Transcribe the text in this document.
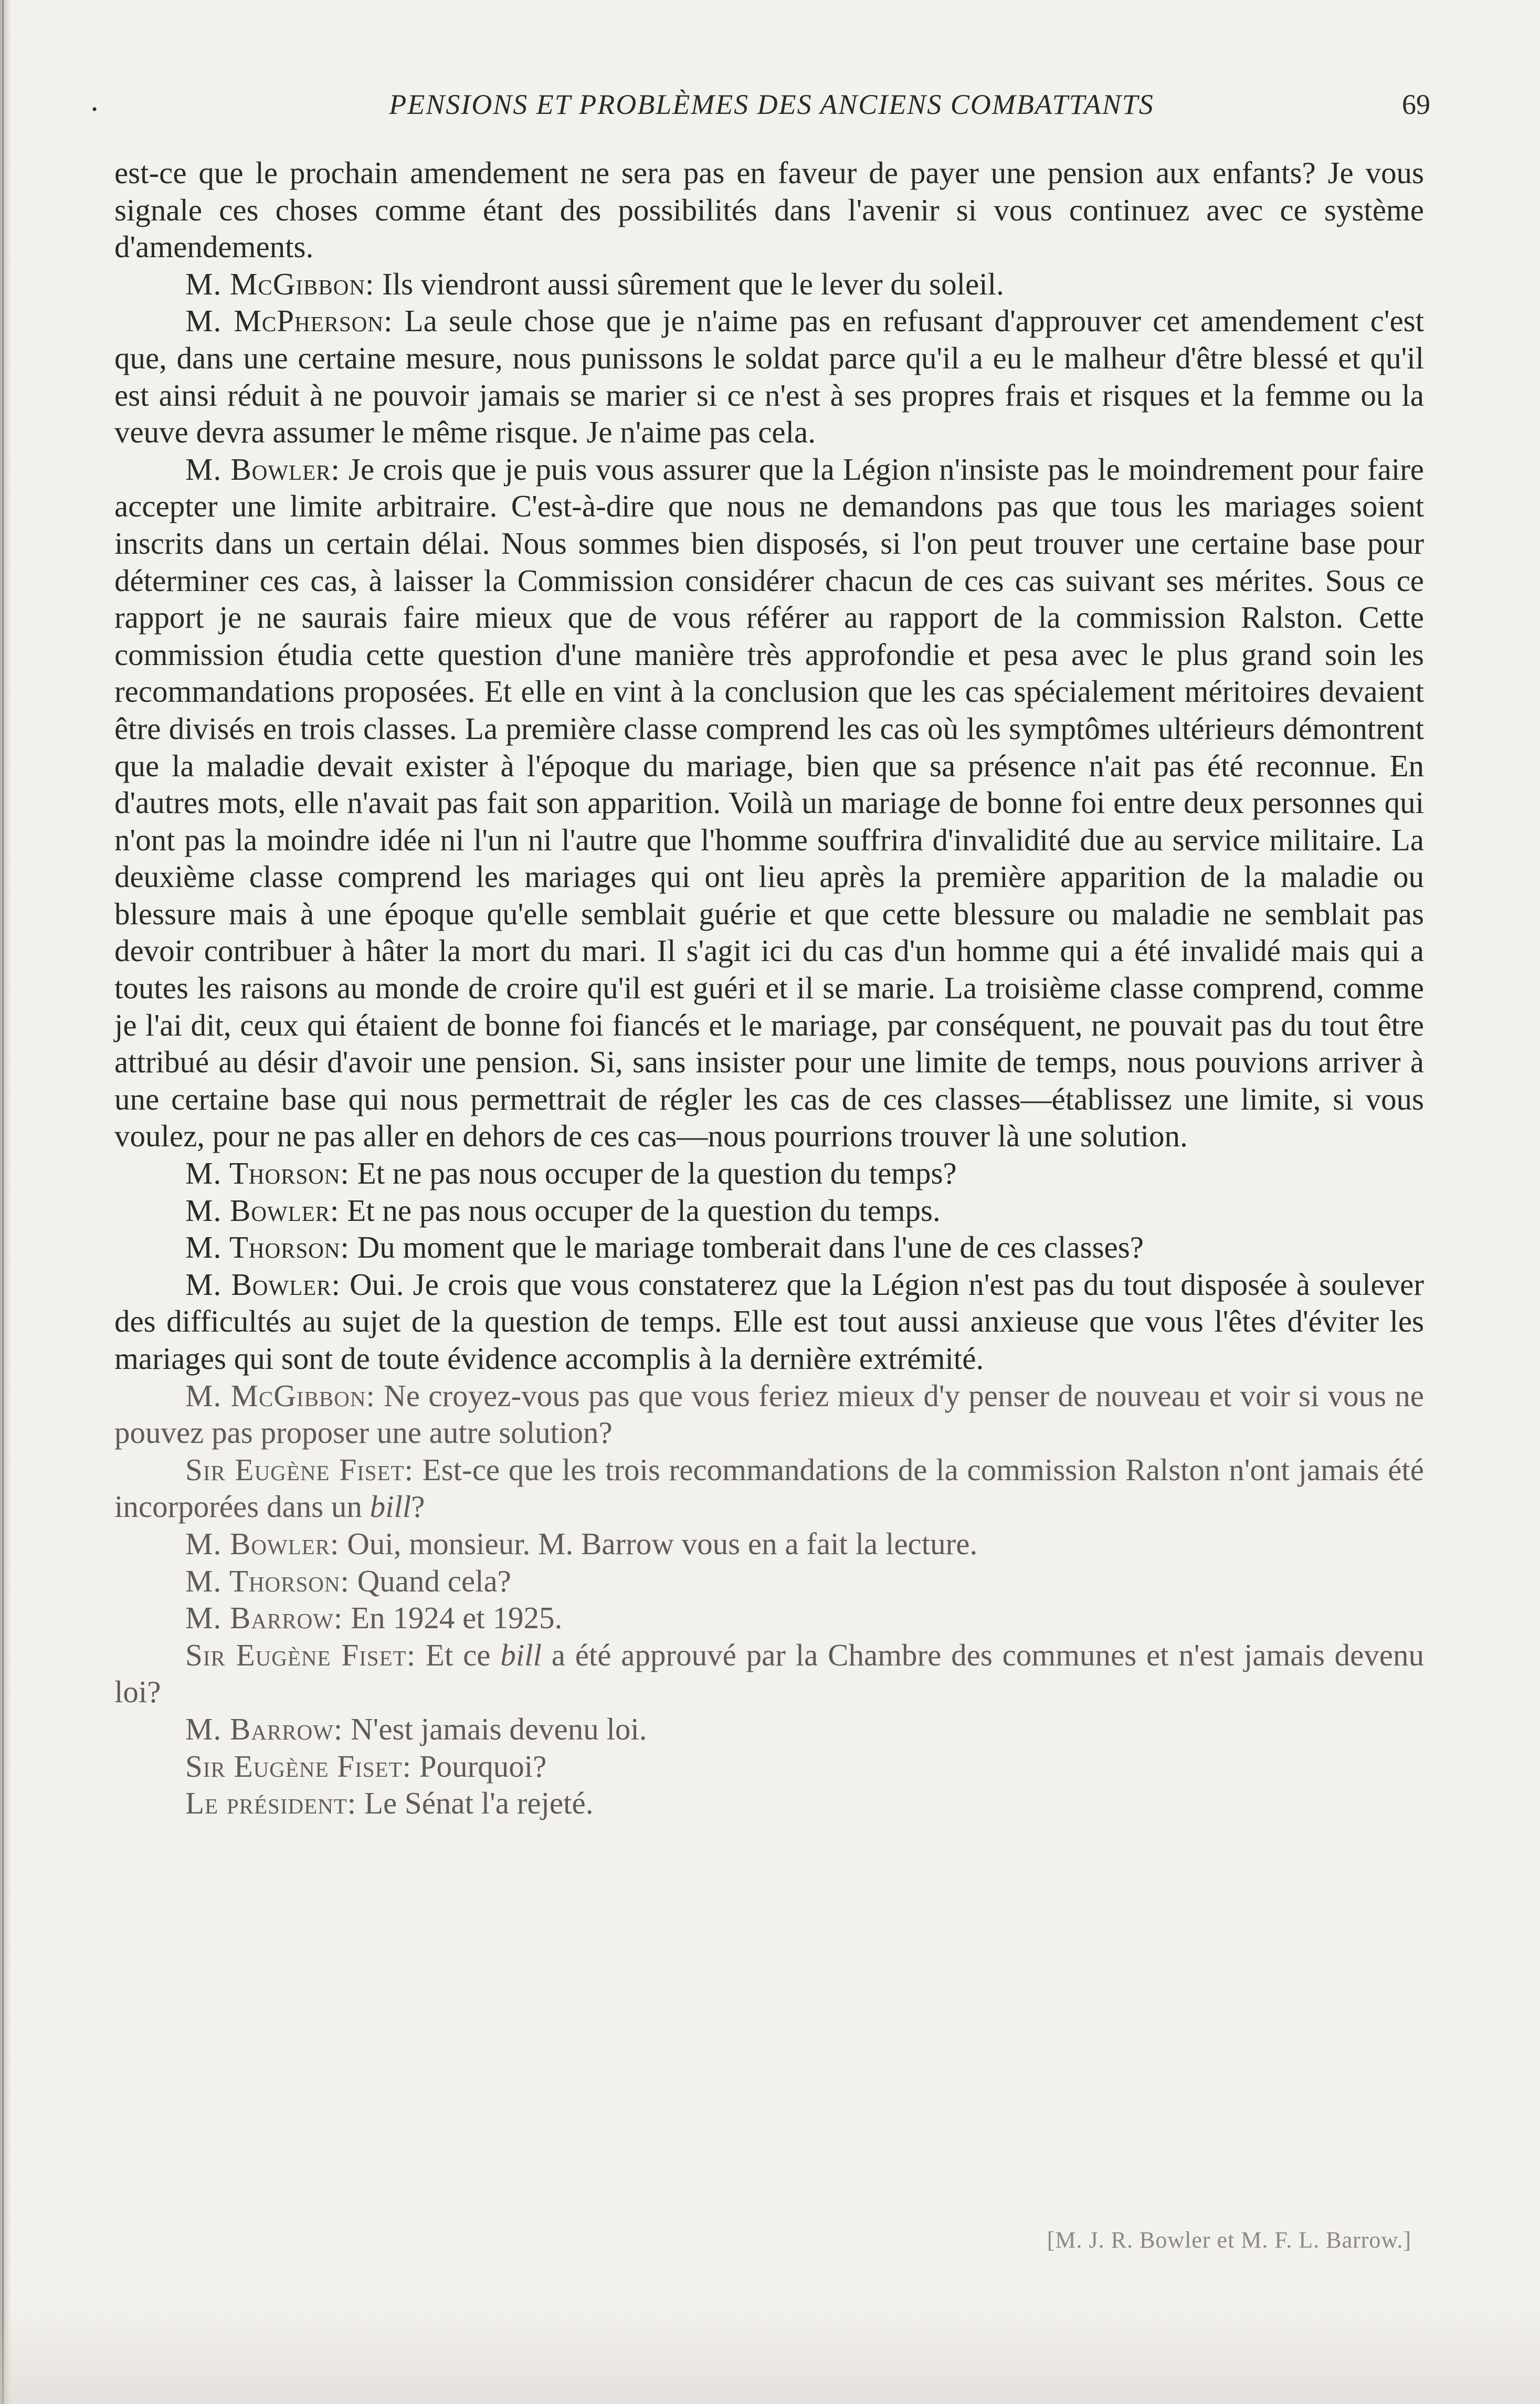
·	PENSIONS ET PROBLÈMES DES ANCIENS COMBATTANTS	69

est-ce que le prochain amendement ne sera pas en faveur de payer une pension aux enfants? Je vous signale ces choses comme étant des possibilités dans l'avenir si vous continuez avec ce système d'amendements.

M. McGibbon: Ils viendront aussi sûrement que le lever du soleil.

M. McPherson: La seule chose que je n'aime pas en refusant d'approuver cet amendement c'est que, dans une certaine mesure, nous punissons le soldat parce qu'il a eu le malheur d'être blessé et qu'il est ainsi réduit à ne pouvoir jamais se marier si ce n'est à ses propres frais et risques et la femme ou la veuve devra assumer le même risque. Je n'aime pas cela.

M. Bowler: Je crois que je puis vous assurer que la Légion n'insiste pas le moindrement pour faire accepter une limite arbitraire. C'est-à-dire que nous ne demandons pas que tous les mariages soient inscrits dans un certain délai. Nous sommes bien disposés, si l'on peut trouver une certaine base pour déterminer ces cas, à laisser la Commission considérer chacun de ces cas suivant ses mérites. Sous ce rapport je ne saurais faire mieux que de vous référer au rapport de la commission Ralston. Cette commission étudia cette question d'une manière très approfondie et pesa avec le plus grand soin les recommandations proposées. Et elle en vint à la conclusion que les cas spécialement méritoires devaient être divisés en trois classes. La première classe comprend les cas où les symptômes ultérieurs démontrent que la maladie devait exister à l'époque du mariage, bien que sa présence n'ait pas été reconnue. En d'autres mots, elle n'avait pas fait son apparition. Voilà un mariage de bonne foi entre deux personnes qui n'ont pas la moindre idée ni l'un ni l'autre que l'homme souffrira d'invalidité due au service militaire. La deuxième classe comprend les mariages qui ont lieu après la première apparition de la maladie ou blessure mais à une époque qu'elle semblait guérie et que cette blessure ou maladie ne semblait pas devoir contribuer à hâter la mort du mari. Il s'agit ici du cas d'un homme qui a été invalidé mais qui a toutes les raisons au monde de croire qu'il est guéri et il se marie. La troisième classe comprend, comme je l'ai dit, ceux qui étaient de bonne foi fiancés et le mariage, par conséquent, ne pouvait pas du tout être attribué au désir d'avoir une pension. Si, sans insister pour une limite de temps, nous pouvions arriver à une certaine base qui nous permettrait de régler les cas de ces classes—établissez une limite, si vous voulez, pour ne pas aller en dehors de ces cas—nous pourrions trouver là une solution.

M. Thorson: Et ne pas nous occuper de la question du temps?

M. Bowler: Et ne pas nous occuper de la question du temps.

M. Thorson: Du moment que le mariage tomberait dans l'une de ces classes?

M. Bowler: Oui. Je crois que vous constaterez que la Légion n'est pas du tout disposée à soulever des difficultés au sujet de la question de temps. Elle est tout aussi anxieuse que vous l'êtes d'éviter les mariages qui sont de toute évidence accomplis à la dernière extrémité.

M. McGibbon: Ne croyez-vous pas que vous feriez mieux d'y penser de nouveau et voir si vous ne pouvez pas proposer une autre solution?

Sir Eugène Fiset: Est-ce que les trois recommandations de la commission Ralston n'ont jamais été incorporées dans un bill?

M. Bowler: Oui, monsieur. M. Barrow vous en a fait la lecture.

M. Thorson: Quand cela?

M. Barrow: En 1924 et 1925.

Sir Eugène Fiset: Et ce bill a été approuvé par la Chambre des communes et n'est jamais devenu loi?

M. Barrow: N'est jamais devenu loi.

Sir Eugène Fiset: Pourquoi?

Le président: Le Sénat l'a rejeté.

[M. J. R. Bowler et M. F. L. Barrow.]
